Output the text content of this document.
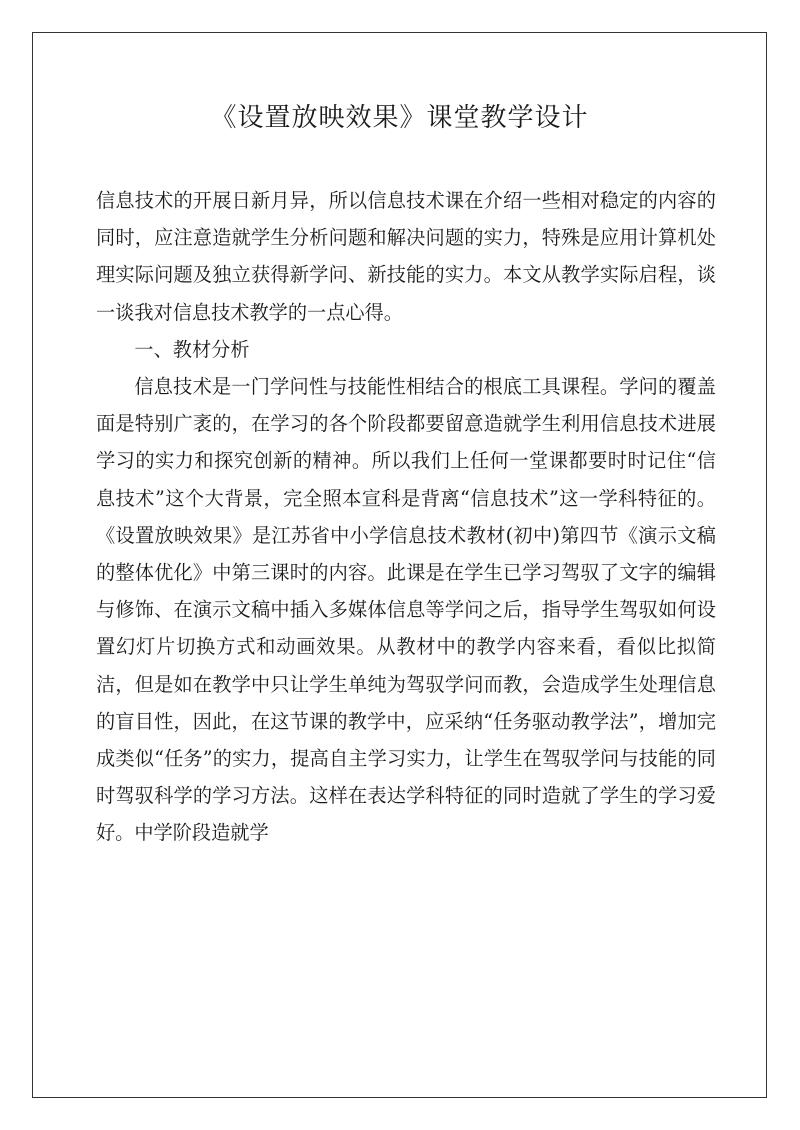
《设置放映效果》课堂教学设计

信息技术的开展日新月异，所以信息技术课在介绍一些相对稳定的内容的同时，应注意造就学生分析问题和解决问题的实力，特殊是应用计算机处理实际问题及独立获得新学问、新技能的实力。本文从教学实际启程，谈一谈我对信息技术教学的一点心得。

一、教材分析

信息技术是一门学问性与技能性相结合的根底工具课程。学问的覆盖面是特别广袤的，在学习的各个阶段都要留意造就学生利用信息技术进展学习的实力和探究创新的精神。所以我们上任何一堂课都要时时记住“信息技术”这个大背景，完全照本宣科是背离“信息技术”这一学科特征的。《设置放映效果》是江苏省中小学信息技术教材(初中)第四节《演示文稿的整体优化》中第三课时的内容。此课是在学生已学习驾驭了文字的编辑与修饰、在演示文稿中插入多媒体信息等学问之后，指导学生驾驭如何设置幻灯片切换方式和动画效果。从教材中的教学内容来看，看似比拟简洁，但是如在教学中只让学生单纯为驾驭学问而教，会造成学生处理信息的盲目性，因此，在这节课的教学中，应采纳“任务驱动教学法”，增加完成类似“任务”的实力，提高自主学习实力，让学生在驾驭学问与技能的同时驾驭科学的学习方法。这样在表达学科特征的同时造就了学生的学习爱好。中学阶段造就学
